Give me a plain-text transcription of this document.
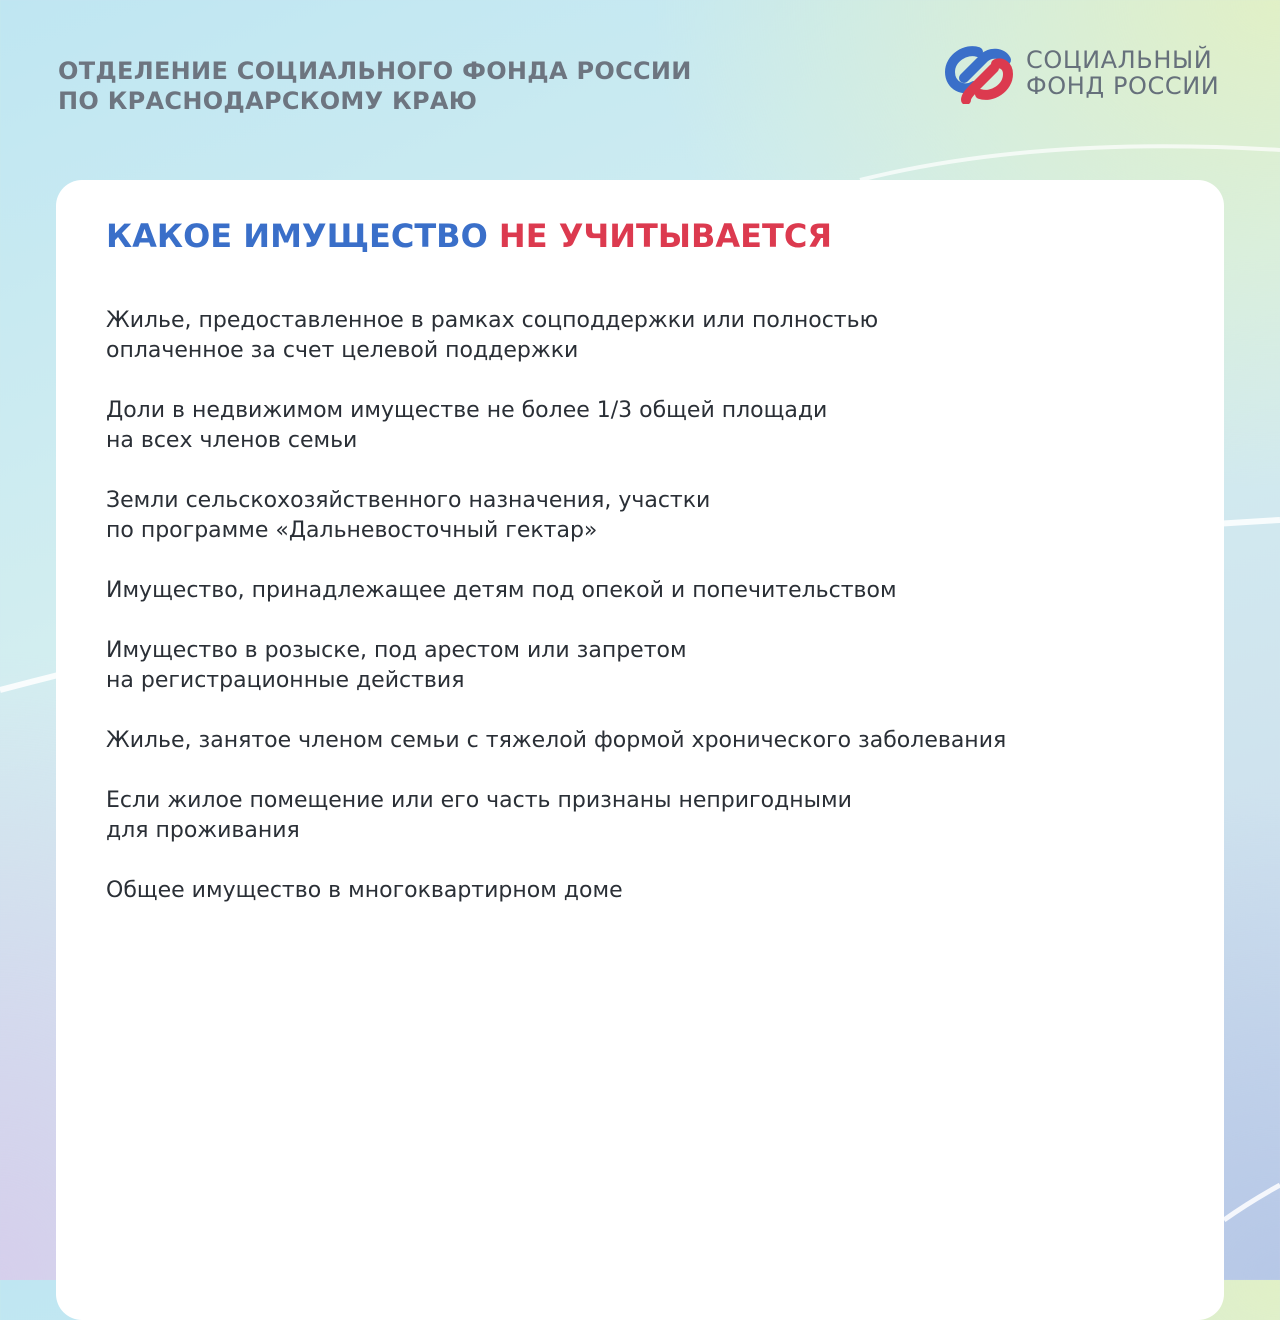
ОТДЕЛЕНИЕ СОЦИАЛЬНОГО ФОНДА РОССИИ
ПО КРАСНОДАРСКОМУ КРАЮ
СОЦИАЛЬНЫЙ
ФОНД РОССИИ
КАКОЕ ИМУЩЕСТВО НЕ УЧИТЫВАЕТСЯ
Жилье, предоставленное в рамках соцподдержки или полностью
оплаченное за счет целевой поддержки
Доли в недвижимом имуществе не более 1/3 общей площади
на всех членов семьи
Земли сельскохозяйственного назначения, участки
по программе «Дальневосточный гектар»
Имущество, принадлежащее детям под опекой и попечительством
Имущество в розыске, под арестом или запретом
на регистрационные действия
Жилье, занятое членом семьи с тяжелой формой хронического заболевания
Если жилое помещение или его часть признаны непригодными
для проживания
Общее имущество в многоквартирном доме
